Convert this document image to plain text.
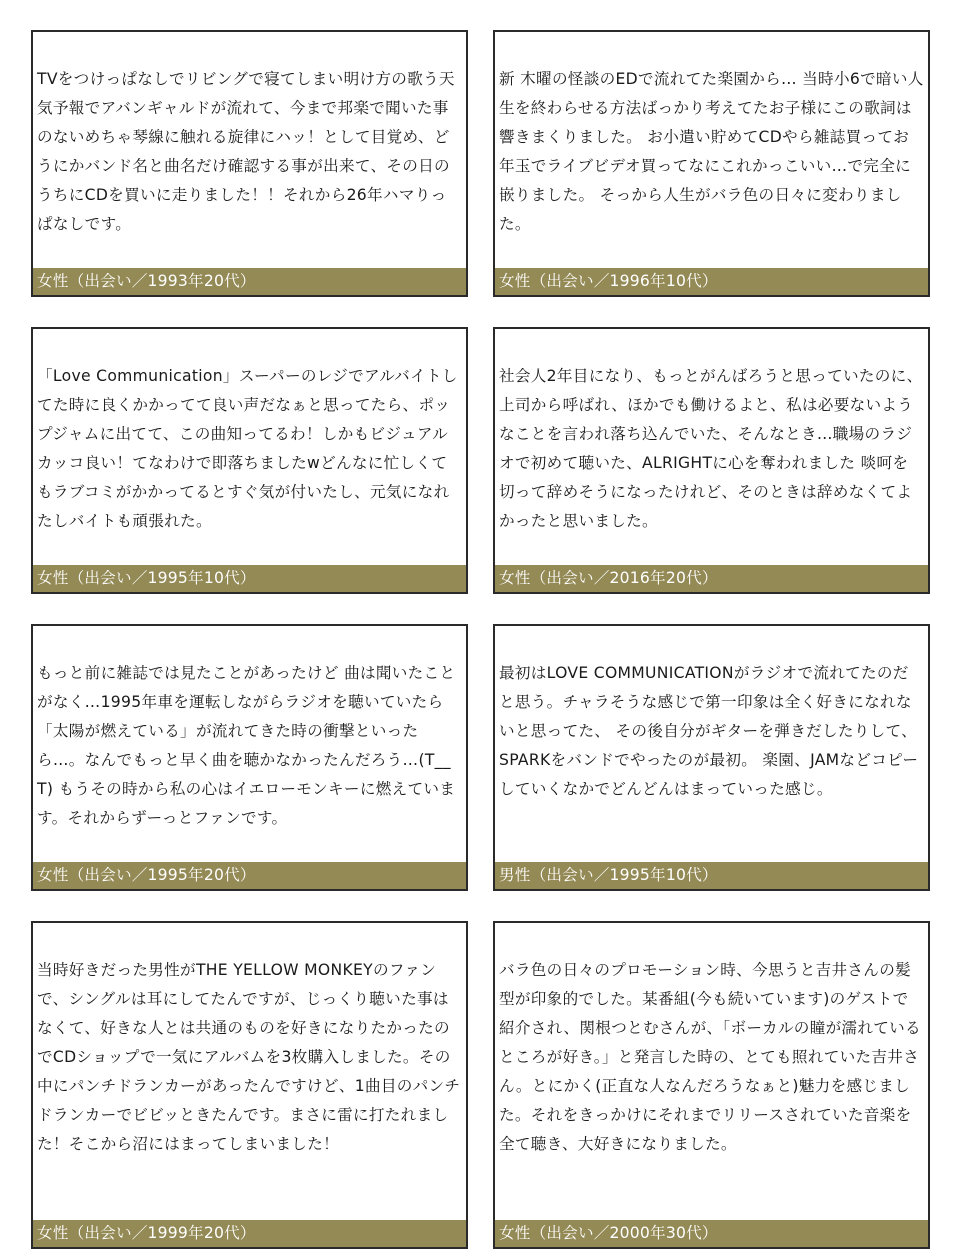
TVをつけっぱなしでリビングで寝てしまい明け方の歌う天気予報でアバンギャルドが流れて、今まで邦楽で聞いた事のないめちゃ琴線に触れる旋律にハッ！として目覚め、どうにかバンド名と曲名だけ確認する事が出来て、その日のうちにCDを買いに走りました！！それから26年ハマりっぱなしです。
女性（出会い／1993年20代）
新 木曜の怪談のEDで流れてた楽園から… 当時小6で暗い人生を終わらせる方法ばっかり考えてたお子様にこの歌詞は響きまくりました。 お小遣い貯めてCDやら雑誌買ってお年玉でライブビデオ買ってなにこれかっこいい…で完全に嵌りました。 そっから人生がバラ色の日々に変わりました。
女性（出会い／1996年10代）
「Love Communication」スーパーのレジでアルバイトしてた時に良くかかってて良い声だなぁと思ってたら、ポップジャムに出てて、この曲知ってるわ！しかもビジュアルカッコ良い！てなわけで即落ちましたwどんなに忙しくてもラブコミがかかってるとすぐ気が付いたし、元気になれたしバイトも頑張れた。
女性（出会い／1995年10代）
社会人2年目になり、もっとがんばろうと思っていたのに、上司から呼ばれ、ほかでも働けるよと、私は必要ないようなことを言われ落ち込んでいた、そんなとき…職場のラジオで初めて聴いた、ALRIGHTに心を奪われました 啖呵を切って辞めそうになったけれど、そのときは辞めなくてよかったと思いました。
女性（出会い／2016年20代）
もっと前に雑誌では見たことがあったけど 曲は聞いたことがなく…1995年車を運転しながらラジオを聴いていたら 「太陽が燃えている」が流れてきた時の衝撃といったら…。なんでもっと早く曲を聴かなかったんだろう…(T__T) もうその時から私の心はイエローモンキーに燃えています。それからずーっとファンです。
女性（出会い／1995年20代）
最初はLOVE COMMUNICATIONがラジオで流れてたのだと思う。チャラそうな感じで第一印象は全く好きになれないと思ってた、 その後自分がギターを弾きだしたりして、SPARKをバンドでやったのが最初。 楽園、JAMなどコピーしていくなかでどんどんはまっていった感じ。
男性（出会い／1995年10代）
当時好きだった男性がTHE YELLOW MONKEYのファンで、シングルは耳にしてたんですが、じっくり聴いた事はなくて、好きな人とは共通のものを好きになりたかったのでCDショップで一気にアルバムを3枚購入しました。その中にパンチドランカーがあったんですけど、1曲目のパンチドランカーでビビッときたんです。まさに雷に打たれました！そこから沼にはまってしまいました！
女性（出会い／1999年20代）
バラ色の日々のプロモーション時、今思うと吉井さんの髪型が印象的でした。某番組(今も続いています)のゲストで紹介され、関根つとむさんが、「ボーカルの瞳が濡れているところが好き。」と発言した時の、とても照れていた吉井さん。とにかく(正直な人なんだろうなぁと)魅力を感じました。それをきっかけにそれまでリリースされていた音楽を全て聴き、大好きになりました。
女性（出会い／2000年30代）
